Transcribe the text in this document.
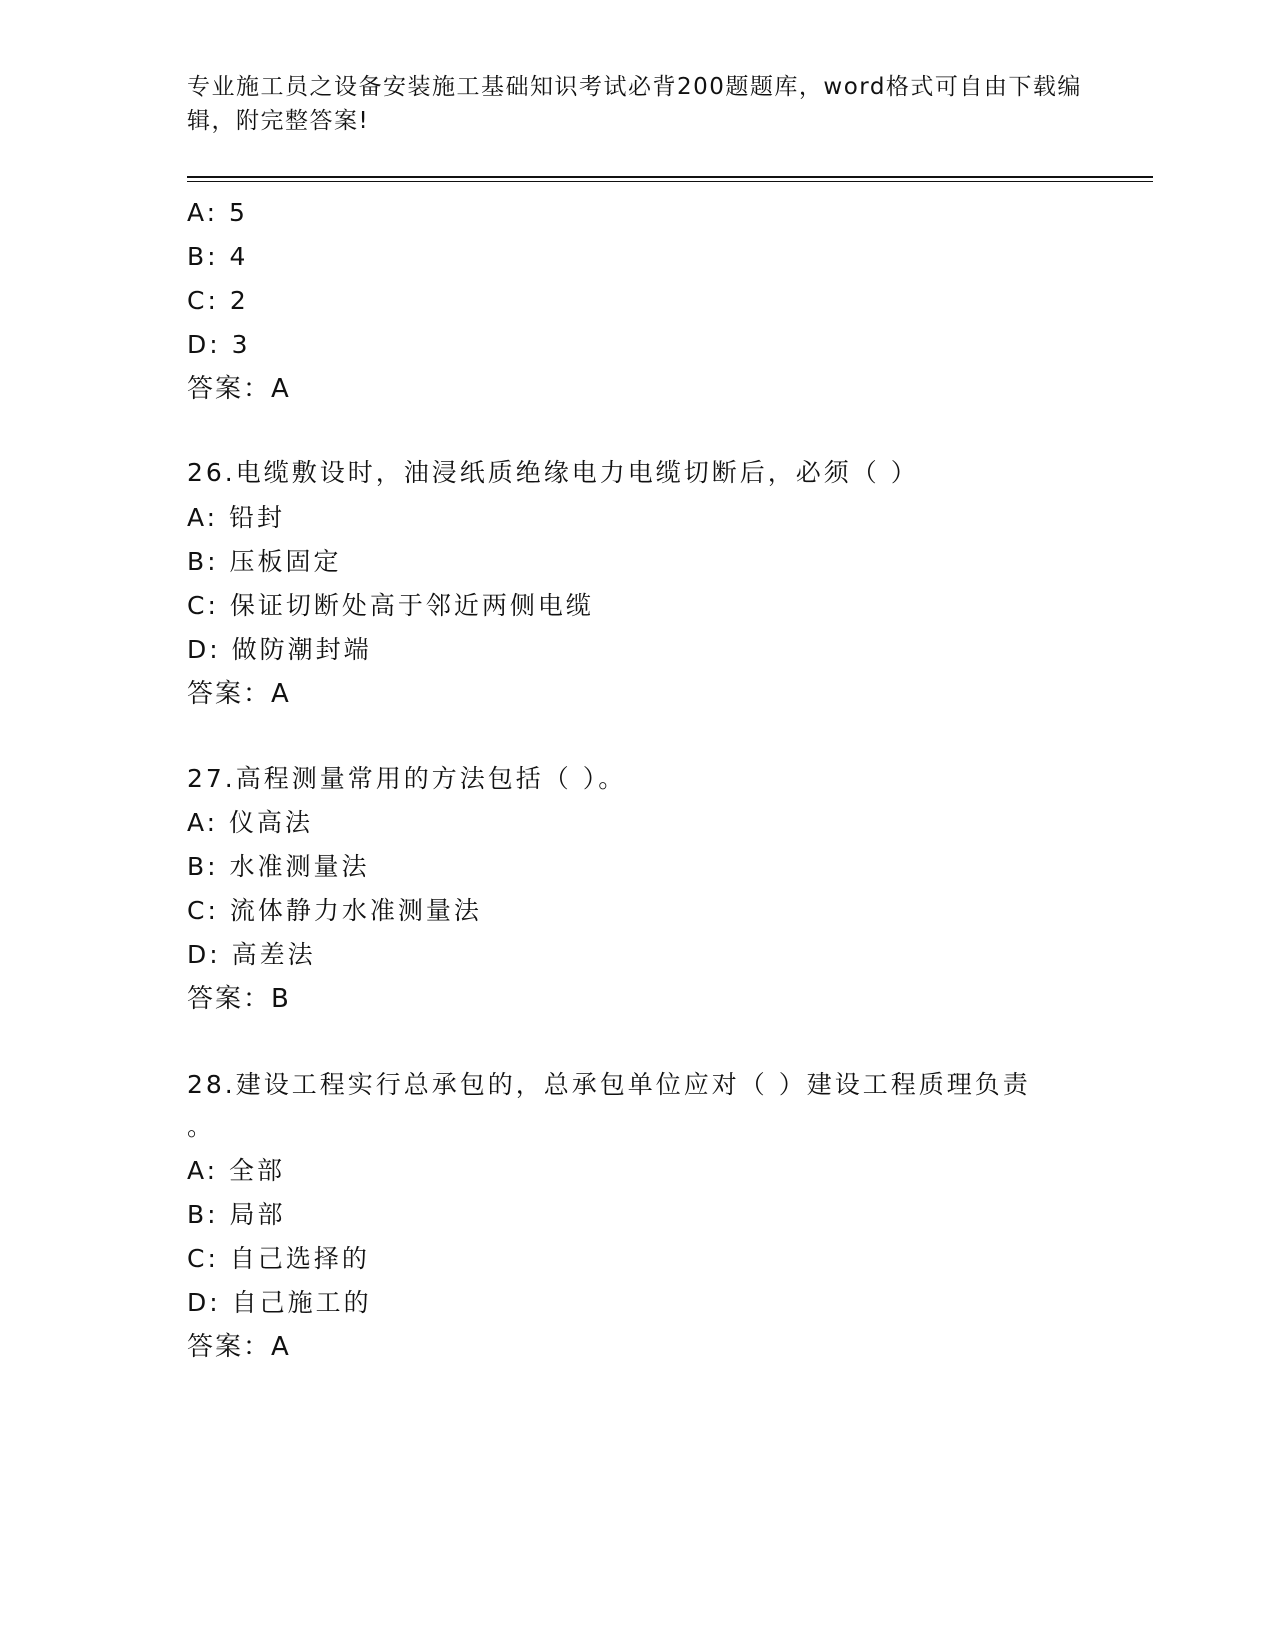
专业施工员之设备安装施工基础知识考试必背200题题库，word格式可自由下载编辑，附完整答案!
A: 5
B: 4
C: 2
D: 3
答案：A
26.电缆敷设时，油浸纸质绝缘电力电缆切断后，必须（ ）
A: 铅封
B: 压板固定
C: 保证切断处高于邻近两侧电缆
D: 做防潮封端
答案：A
27.高程测量常用的方法包括（ ）。
A: 仪高法
B: 水准测量法
C: 流体静力水准测量法
D: 高差法
答案：B
28.建设工程实行总承包的，总承包单位应对（ ）建设工程质理负责
。
A: 全部
B: 局部
C: 自己选择的
D: 自己施工的
答案：A
